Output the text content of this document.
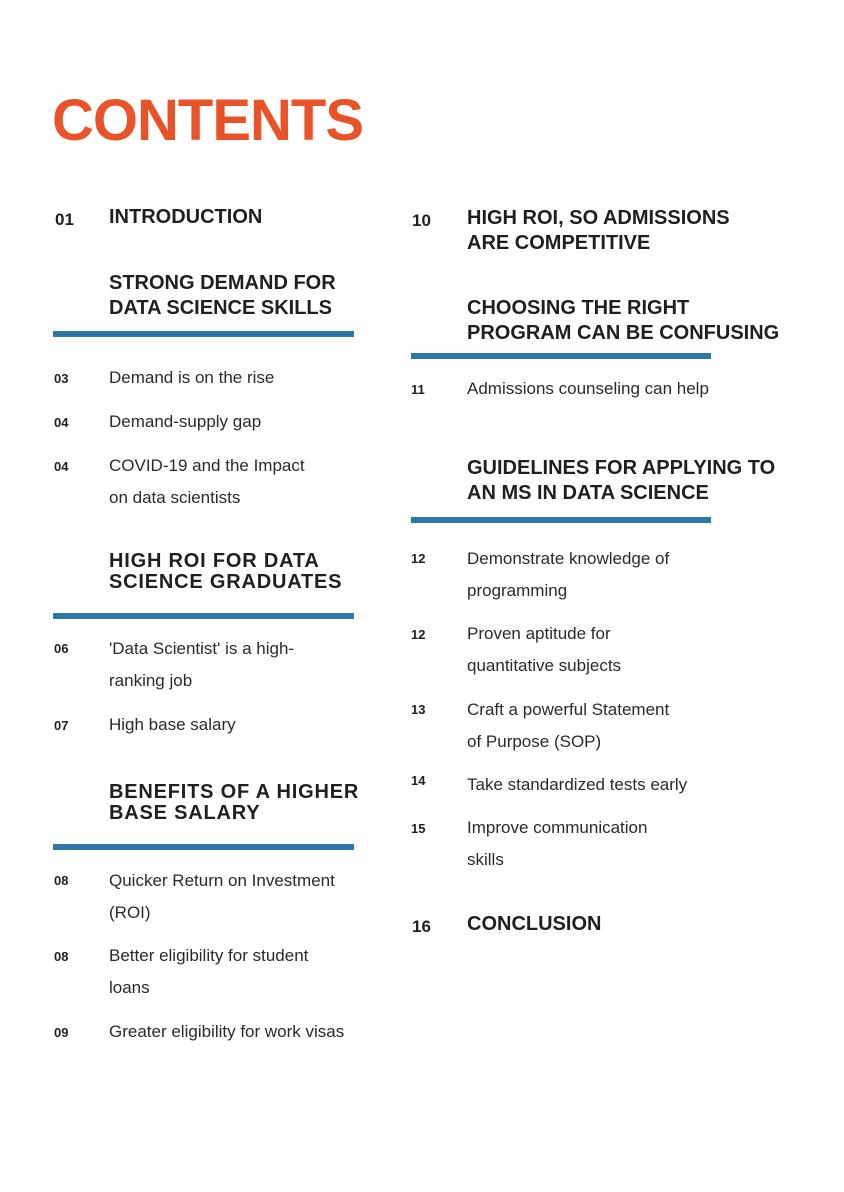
CONTENTS
01 INTRODUCTION
STRONG DEMAND FOR
DATA SCIENCE SKILLS
03 Demand is on the rise
04 Demand-supply gap
04 COVID-19 and the Impact
on data scientists
HIGH ROI FOR DATA
SCIENCE GRADUATES
06 'Data Scientist' is a high-
ranking job
07 High base salary
BENEFITS OF A HIGHER
BASE SALARY
08 Quicker Return on Investment
(ROI)
08 Better eligibility for student
loans
09 Greater eligibility for work visas
10 HIGH ROI, SO ADMISSIONS
ARE COMPETITIVE
CHOOSING THE RIGHT
PROGRAM CAN BE CONFUSING
11 Admissions counseling can help
GUIDELINES FOR APPLYING TO
AN MS IN DATA SCIENCE
12 Demonstrate knowledge of
programming
12 Proven aptitude for
quantitative subjects
13 Craft a powerful Statement
of Purpose (SOP)
14 Take standardized tests early
15 Improve communication
skills
16 CONCLUSION
